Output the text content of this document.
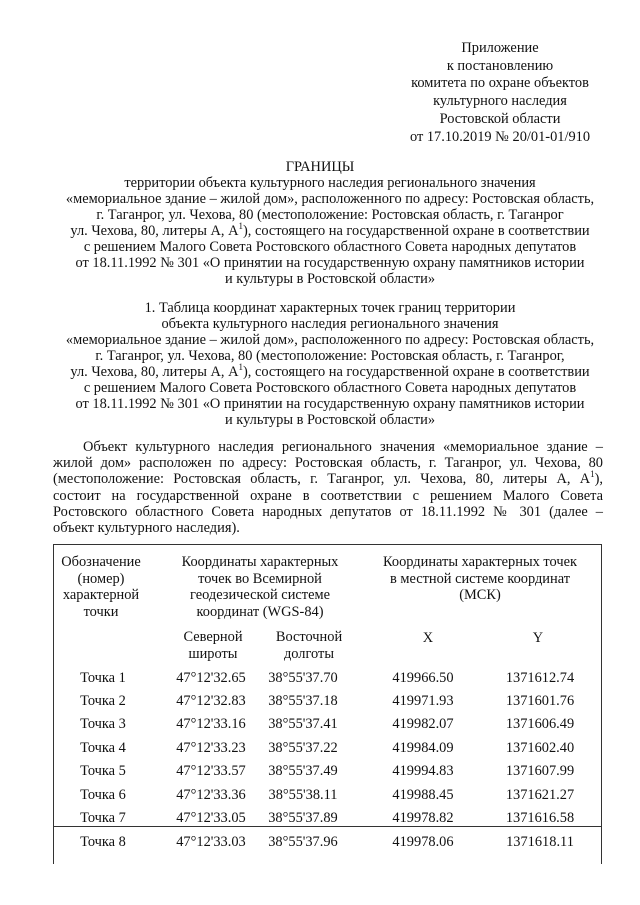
Приложение
к постановлению
комитета по охране объектов
культурного наследия
Ростовской области
от 17.10.2019 № 20/01-01/910
ГРАНИЦЫ
территории объекта культурного наследия регионального значения
«мемориальное здание – жилой дом», расположенного по адресу: Ростовская область,
г. Таганрог, ул. Чехова, 80 (местоположение: Ростовская область, г. Таганрог
ул. Чехова, 80, литеры А, $А^1$), состоящего на государственной охране в соответствии
с решением Малого Совета Ростовского областного Совета народных депутатов
от 18.11.1992 № 301 «О принятии на государственную охрану памятников истории
и культуры в Ростовской области»
1. Таблица координат характерных точек границ территории
объекта культурного наследия регионального значения
«мемориальное здание – жилой дом», расположенного по адресу: Ростовская область,
г. Таганрог, ул. Чехова, 80 (местоположение: Ростовская область, г. Таганрог,
ул. Чехова, 80, литеры А, $А^1$), состоящего на государственной охране в соответствии
с решением Малого Совета Ростовского областного Совета народных депутатов
от 18.11.1992 № 301 «О принятии на государственную охрану памятников истории
и культуры в Ростовской области»
Объект культурного наследия регионального значения «мемориальное здание –
жилой дом» расположен по адресу: Ростовская область, г. Таганрог, ул. Чехова, 80
(местоположение: Ростовская область, г. Таганрог, ул. Чехова, 80, литеры А, $А^1$),
состоит на государственной охране в соответствии с решением Малого Совета
Ростовского областного Совета народных депутатов от 18.11.1992 № 301 (далее –
объект культурного наследия).
Обозначение
(номер)
характерной
точки
Координаты характерных
точек во Всемирной
геодезической системе
координат (WGS-84)
Координаты характерных точек
в местной системе координат
(МСК)
Северной
широты
Восточной
долготы
X	Y
Точка 1	47°12'32.65	38°55'37.70	419966.50	1371612.74
Точка 2	47°12'32.83	38°55'37.18	419971.93	1371601.76
Точка 3	47°12'33.16	38°55'37.41	419982.07	1371606.49
Точка 4	47°12'33.23	38°55'37.22	419984.09	1371602.40
Точка 5	47°12'33.57	38°55'37.49	419994.83	1371607.99
Точка 6	47°12'33.36	38°55'38.11	419988.45	1371621.27
Точка 7	47°12'33.05	38°55'37.89	419978.82	1371616.58
Точка 8	47°12'33.03	38°55'37.96	419978.06	1371618.11
